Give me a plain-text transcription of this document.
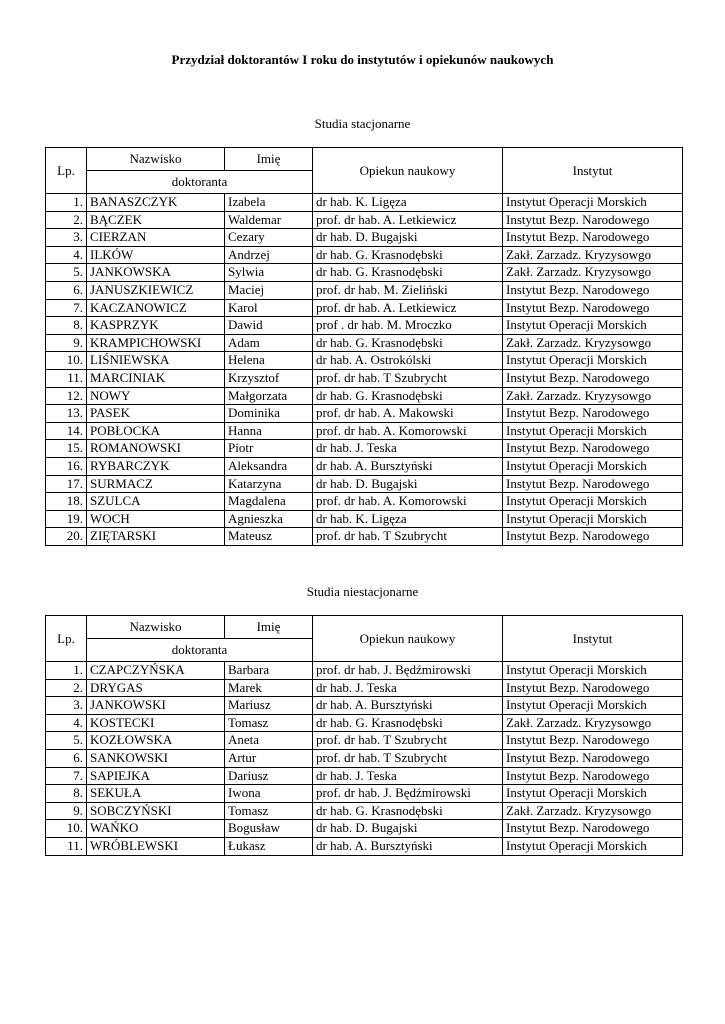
Przydział doktorantów I roku do instytutów i opiekunów naukowych
Studia stacjonarne
Lp.	Nazwisko	Imię	Opiekun naukowy	Instytut
	doktoranta			
1.	BANASZCZYK	Izabela	dr hab. K. Ligęza	Instytut Operacji Morskich
2.	BĄCZEK	Waldemar	prof. dr hab. A. Letkiewicz	Instytut Bezp. Narodowego
3.	CIERZAN	Cezary	dr hab. D. Bugajski	Instytut Bezp. Narodowego
4.	ILKÓW	Andrzej	dr hab. G. Krasnodębski	Zakł. Zarzadz. Kryzysowgo
5.	JANKOWSKA	Sylwia	dr hab. G. Krasnodębski	Zakł. Zarzadz. Kryzysowgo
6.	JANUSZKIEWICZ	Maciej	prof. dr hab. M. Zieliński	Instytut Bezp. Narodowego
7.	KACZANOWICZ	Karol	prof. dr hab. A. Letkiewicz	Instytut Bezp. Narodowego
8.	KASPRZYK	Dawid	prof . dr hab. M. Mroczko	Instytut Operacji Morskich
9.	KRAMPICHOWSKI	Adam	dr hab. G. Krasnodębski	Zakł. Zarzadz. Kryzysowgo
10.	LIŚNIEWSKA	Helena	dr hab. A. Ostrokólski	Instytut Operacji Morskich
11.	MARCINIAK	Krzysztof	prof. dr hab. T Szubrycht	Instytut Bezp. Narodowego
12.	NOWY	Małgorzata	dr hab. G. Krasnodębski	Zakł. Zarzadz. Kryzysowgo
13.	PASEK	Dominika	prof. dr hab. A. Makowski	Instytut Bezp. Narodowego
14.	POBŁOCKA	Hanna	prof. dr hab. A. Komorowski	Instytut Operacji Morskich
15.	ROMANOWSKI	Piotr	dr hab. J. Teska	Instytut Bezp. Narodowego
16.	RYBARCZYK	Aleksandra	dr hab. A. Bursztyński	Instytut Operacji Morskich
17.	SURMACZ	Katarzyna	dr hab. D. Bugajski	Instytut Bezp. Narodowego
18.	SZULCA	Magdalena	prof. dr hab. A. Komorowski	Instytut Operacji Morskich
19.	WOCH	Agnieszka	dr hab. K. Ligęza	Instytut Operacji Morskich
20.	ZIĘTARSKI	Mateusz	prof. dr hab. T Szubrycht	Instytut Bezp. Narodowego
Studia niestacjonarne
Lp.	Nazwisko	Imię	Opiekun naukowy	Instytut
	doktoranta			
1.	CZAPCZYŃSKA	Barbara	prof. dr hab. J. Będźmirowski	Instytut Operacji Morskich
2.	DRYGAS	Marek	dr hab. J. Teska	Instytut Bezp. Narodowego
3.	JANKOWSKI	Mariusz	dr hab. A. Bursztyński	Instytut Operacji Morskich
4.	KOSTECKI	Tomasz	dr hab. G. Krasnodębski	Zakł. Zarzadz. Kryzysowgo
5.	KOZŁOWSKA	Aneta	prof. dr hab. T Szubrycht	Instytut Bezp. Narodowego
6.	SANKOWSKI	Artur	prof. dr hab. T Szubrycht	Instytut Bezp. Narodowego
7.	SAPIEJKA	Dariusz	dr hab. J. Teska	Instytut Bezp. Narodowego
8.	SEKUŁA	Iwona	prof. dr hab. J. Będźmirowski	Instytut Operacji Morskich
9.	SOBCZYŃSKI	Tomasz	dr hab. G. Krasnodębski	Zakł. Zarzadz. Kryzysowgo
10.	WAŃKO	Bogusław	dr hab. D. Bugajski	Instytut Bezp. Narodowego
11.	WRÓBLEWSKI	Łukasz	dr hab. A. Bursztyński	Instytut Operacji Morskich
